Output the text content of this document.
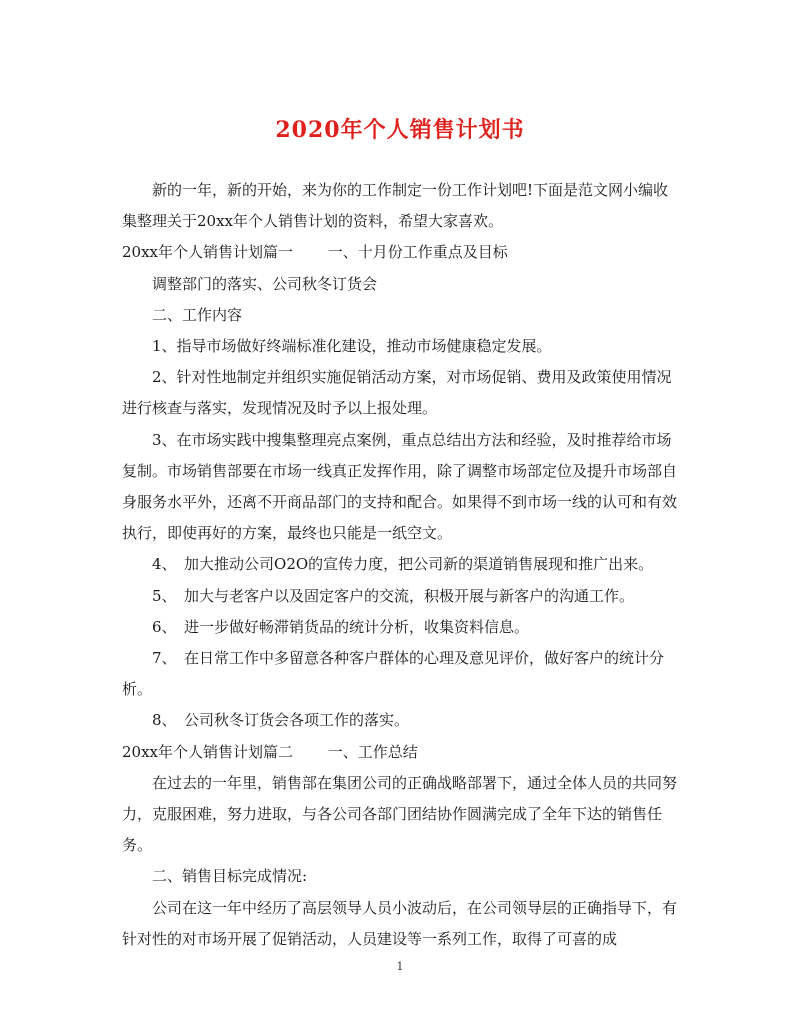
2020年个人销售计划书

新的一年，新的开始，来为你的工作制定一份工作计划吧!下面是范文网小编收集整理关于20xx年个人销售计划的资料，希望大家喜欢。

20xx年个人销售计划篇一　　 一、十月份工作重点及目标

调整部门的落实、公司秋冬订货会

二、工作内容

1、指导市场做好终端标准化建设，推动市场健康稳定发展。

2、针对性地制定并组织实施促销活动方案，对市场促销、费用及政策使用情况进行核查与落实，发现情况及时予以上报处理。

3、在市场实践中搜集整理亮点案例，重点总结出方法和经验，及时推荐给市场复制。市场销售部要在市场一线真正发挥作用，除了调整市场部定位及提升市场部自身服务水平外，还离不开商品部门的支持和配合。如果得不到市场一线的认可和有效执行，即使再好的方案，最终也只能是一纸空文。

4、　加大推动公司O2O的宣传力度，把公司新的渠道销售展现和推广出来。

5、　加大与老客户以及固定客户的交流，积极开展与新客户的沟通工作。

6、　进一步做好畅滞销货品的统计分析，收集资料信息。

7、　在日常工作中多留意各种客户群体的心理及意见评价，做好客户的统计分析。

8、　公司秋冬订货会各项工作的落实。

20xx年个人销售计划篇二　　 一、工作总结

在过去的一年里，销售部在集团公司的正确战略部署下，通过全体人员的共同努力，克服困难，努力进取，与各公司各部门团结协作圆满完成了全年下达的销售任务。

二、销售目标完成情况:

公司在这一年中经历了高层领导人员小波动后，在公司领导层的正确指导下，有针对性的对市场开展了促销活动，人员建设等一系列工作，取得了可喜的成

1
